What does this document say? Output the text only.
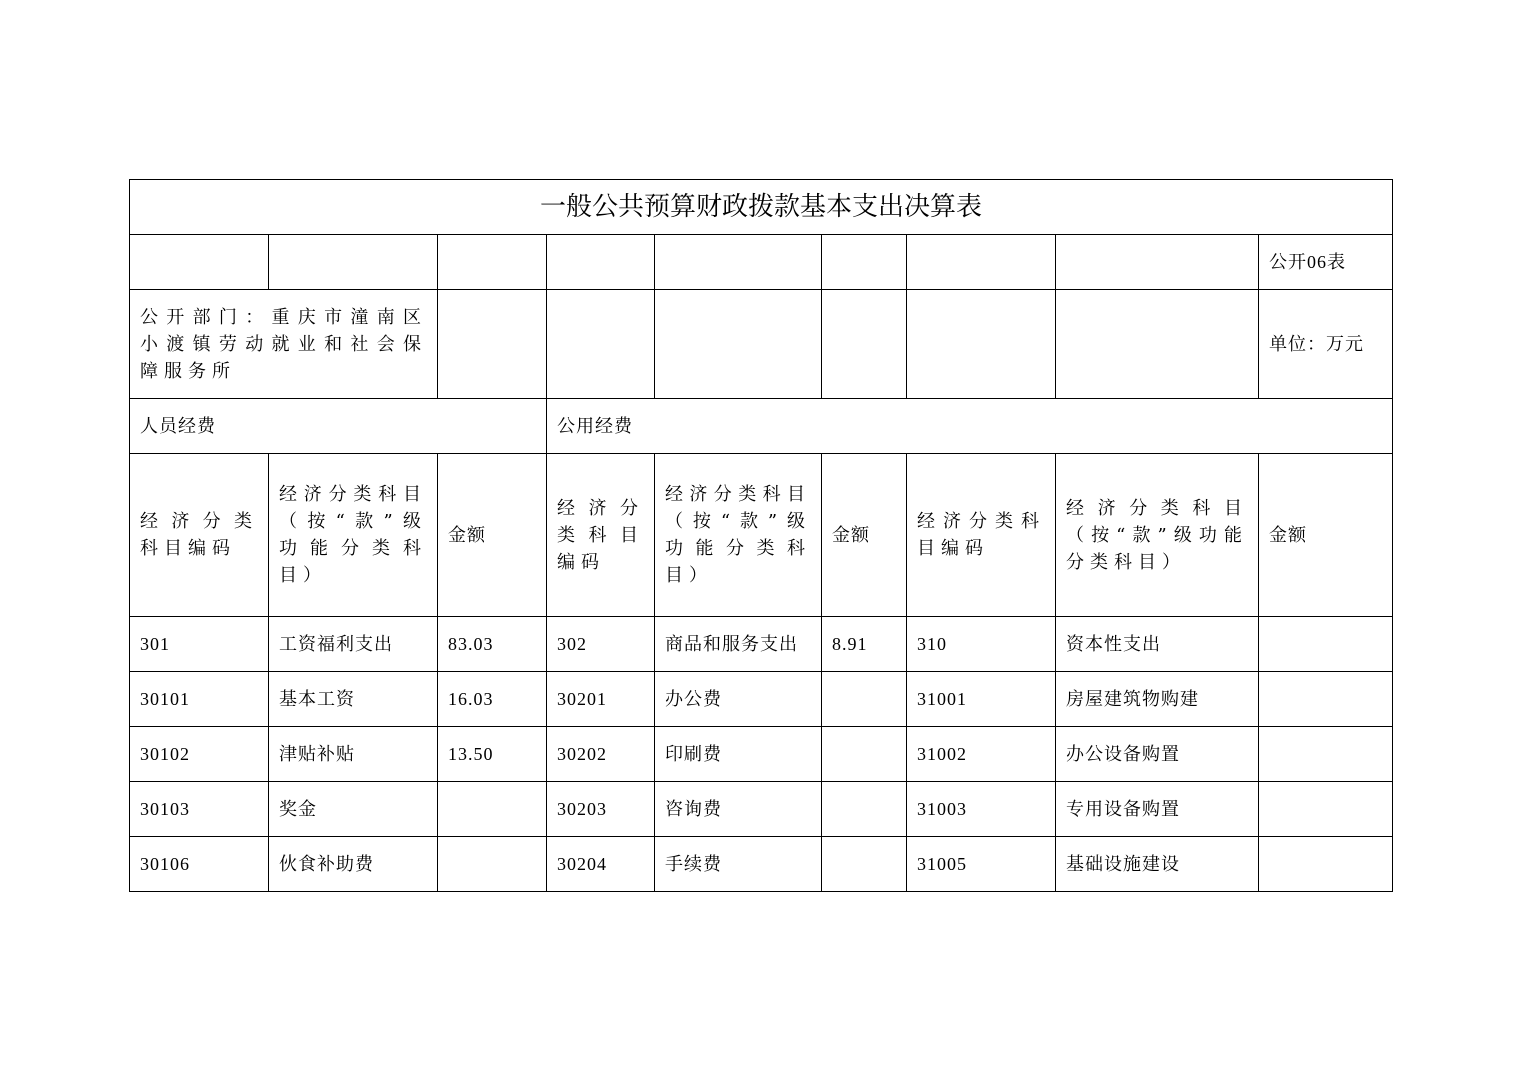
一般公共预算财政拨款基本支出决算表								
								公开06表
公开部门：重庆市潼南区小渡镇劳动就业和社会保障服务所								单位：万元
人员经费			公用经费					
经济分类科目编码	经济分类科目（按“款”级功能分类科目）	金额	经济分类科目编码	经济分类科目（按“款”级功能分类科目）	金额	经济分类科目编码	经济分类科目（按“款”级功能分类科目）	金额
301	工资福利支出	83.03	302	商品和服务支出	8.91	310	资本性支出	
30101	基本工资	16.03	30201	办公费		31001	房屋建筑物购建	
30102	津贴补贴	13.50	30202	印刷费		31002	办公设备购置	
30103	奖金		30203	咨询费		31003	专用设备购置	
30106	伙食补助费		30204	手续费		31005	基础设施建设	
